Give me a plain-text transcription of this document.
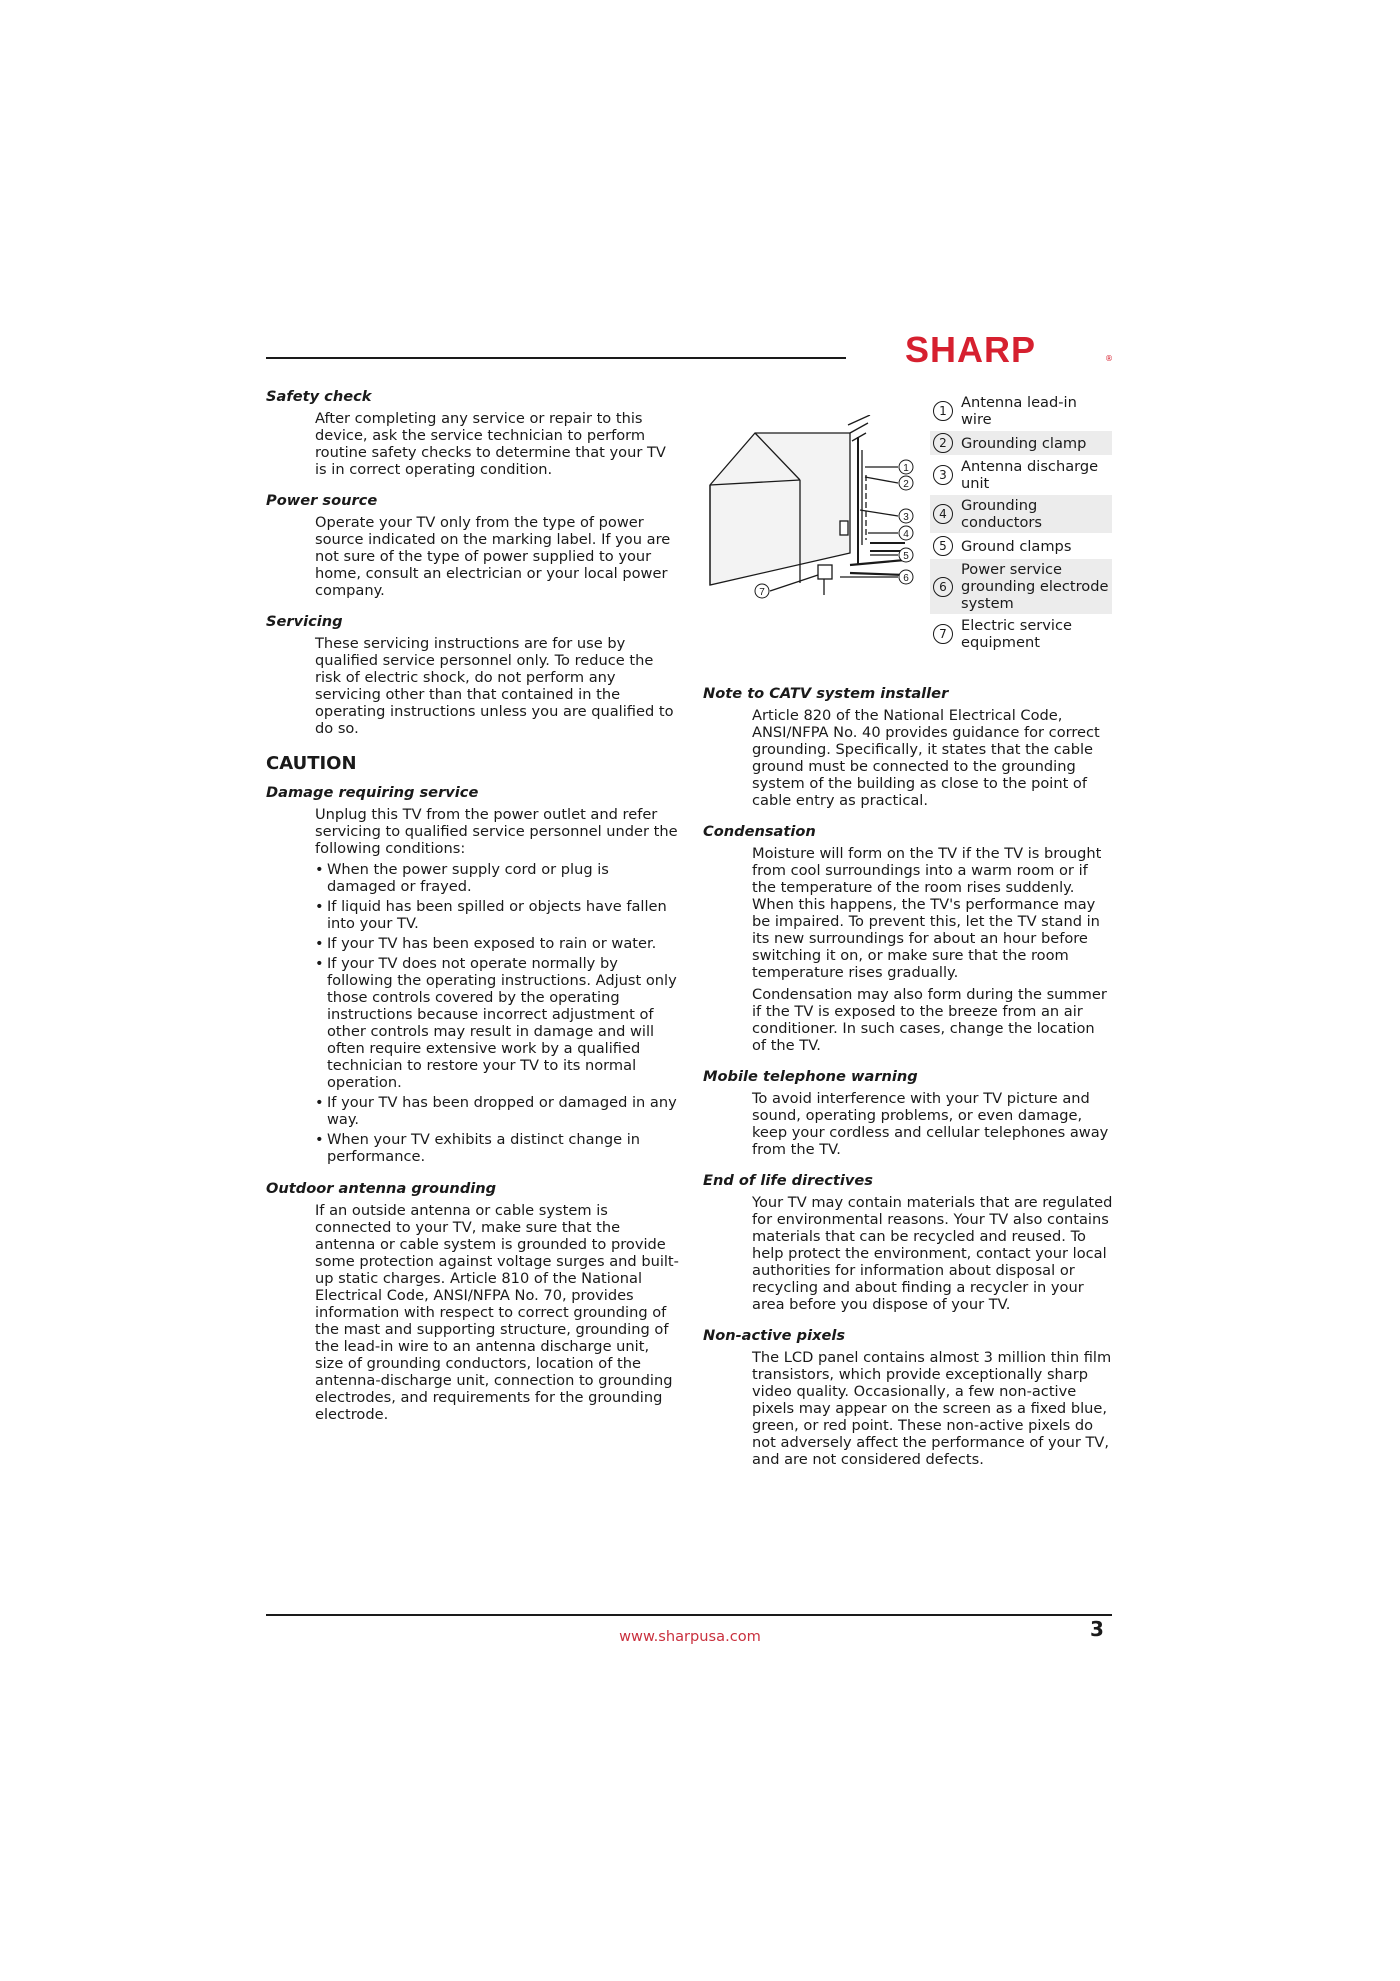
SHARP	®
Safety check

After completing any service or repair to this device, ask the service technician to perform routine safety checks to determine that your TV is in correct operating condition.

Power source

Operate your TV only from the type of power source indicated on the marking label. If you are not sure of the type of power supplied to your home, consult an electrician or your local power company.

Servicing

These servicing instructions are for use by qualified service personnel only. To reduce the risk of electric shock, do not perform any servicing other than that contained in the operating instructions unless you are qualified to do so.

CAUTION
Damage requiring service

Unplug this TV from the power outlet and refer servicing to qualified service personnel under the following conditions:

• When the power supply cord or plug is damaged or frayed.
• If liquid has been spilled or objects have fallen into your TV.
• If your TV has been exposed to rain or water.
• If your TV does not operate normally by following the operating instructions. Adjust only those controls covered by the operating instructions because incorrect adjustment of other controls may result in damage and will often require extensive work by a qualified technician to restore your TV to its normal operation.
• If your TV has been dropped or damaged in any way.
• When your TV exhibits a distinct change in performance.
Outdoor antenna grounding

If an outside antenna or cable system is connected to your TV, make sure that the antenna or cable system is grounded to provide some protection against voltage surges and built-up static charges. Article 810 of the National Electrical Code, ANSI/NFPA No. 70, provides information with respect to correct grounding of the mast and supporting structure, grounding of the lead-in wire to an antenna discharge unit, size of grounding conductors, location of the antenna-discharge unit, connection to grounding electrodes, and requirements for the grounding electrode.

1
2
3
4
5
6
7
1 Antenna lead-in wire
2 Grounding clamp
3 Antenna discharge unit
4 Grounding conductors
5 Ground clamps
6
Power service grounding electrode system
7 Electric service equipment
Note to CATV system installer

Article 820 of the National Electrical Code, ANSI/NFPA No. 40 provides guidance for correct grounding. Specifically, it states that the cable ground must be connected to the grounding system of the building as close to the point of cable entry as practical.

Condensation

Moisture will form on the TV if the TV is brought from cool surroundings into a warm room or if the temperature of the room rises suddenly. When this happens, the TV's performance may be impaired. To prevent this, let the TV stand in its new surroundings for about an hour before switching it on, or make sure that the room temperature rises gradually.

Condensation may also form during the summer if the TV is exposed to the breeze from an air conditioner. In such cases, change the location of the TV.

Mobile telephone warning

To avoid interference with your TV picture and sound, operating problems, or even damage, keep your cordless and cellular telephones away from the TV.

End of life directives

Your TV may contain materials that are regulated for environmental reasons. Your TV also contains materials that can be recycled and reused. To help protect the environment, contact your local authorities for information about disposal or recycling and about finding a recycler in your area before you dispose of your TV.

Non-active pixels

The LCD panel contains almost 3 million thin film transistors, which provide exceptionally sharp video quality. Occasionally, a few non-active pixels may appear on the screen as a fixed blue, green, or red point. These non-active pixels do not adversely affect the performance of your TV, and are not considered defects.

www.sharpusa.com	3
